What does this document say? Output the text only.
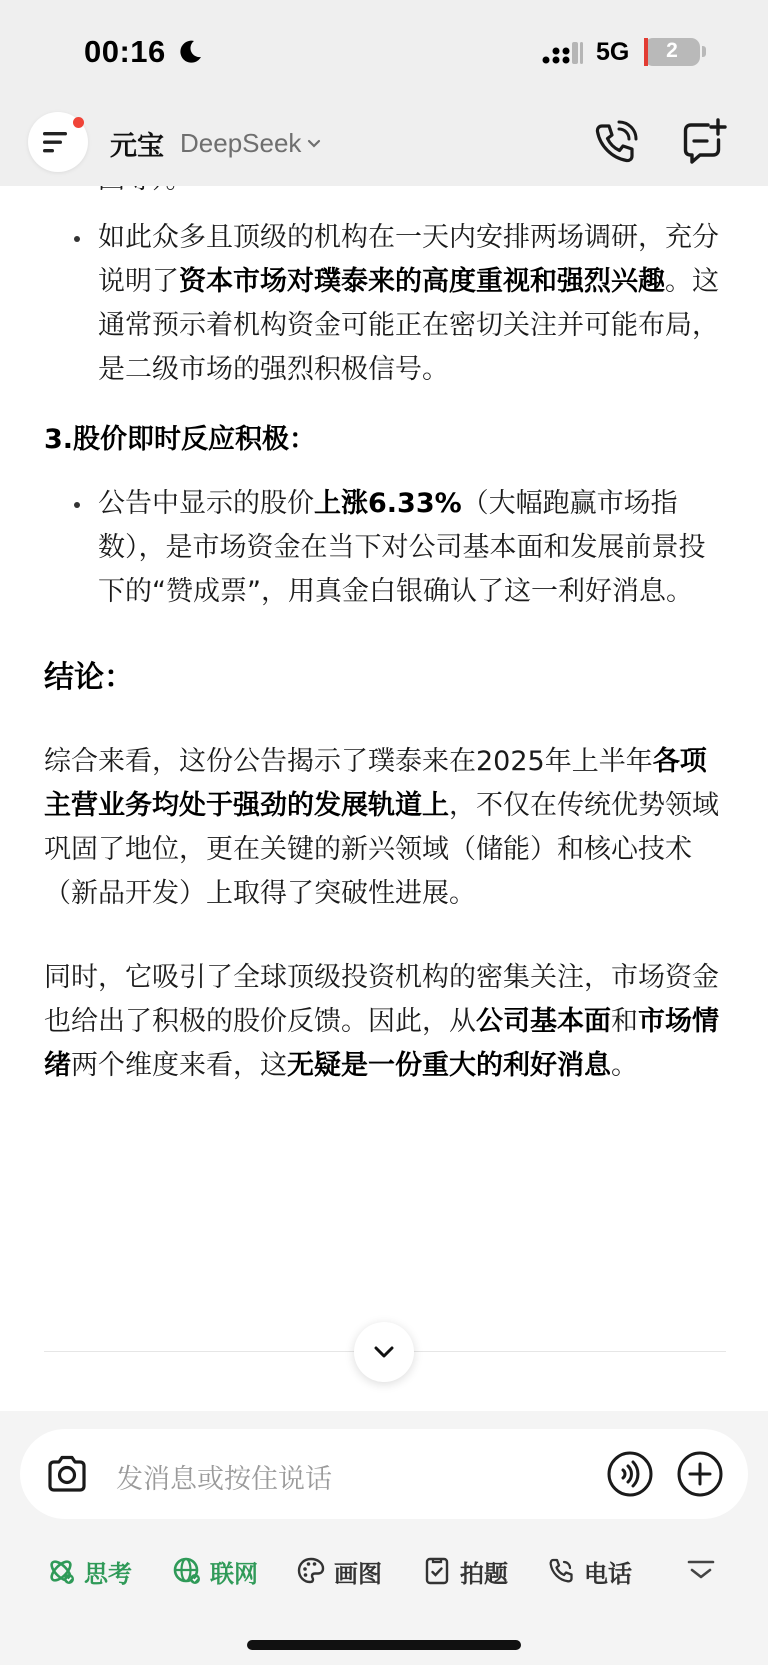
00:16	5G	2
元宝 DeepSeek
如此众多且顶级的机构在一天内安排两场调研，充分说明了资本市场对璞泰来的高度重视和强烈兴趣。这通常预示着机构资金可能正在密切关注并可能布局，是二级市场的强烈积极信号。
3.股价即时反应积极：
公告中显示的股价上涨6.33%（大幅跑赢市场指数），是市场资金在当下对公司基本面和发展前景投下的“赞成票”，用真金白银确认了这一利好消息。
结论：
综合来看，这份公告揭示了璞泰来在2025年上半年各项主营业务均处于强劲的发展轨道上，不仅在传统优势领域巩固了地位，更在关键的新兴领域（储能）和核心技术（新品开发）上取得了突破性进展。
同时，它吸引了全球顶级投资机构的密集关注，市场资金也给出了积极的股价反馈。因此，从公司基本面和市场情绪两个维度来看，这无疑是一份重大的利好消息。
发消息或按住说话
思考	联网	画图	拍题	电话
